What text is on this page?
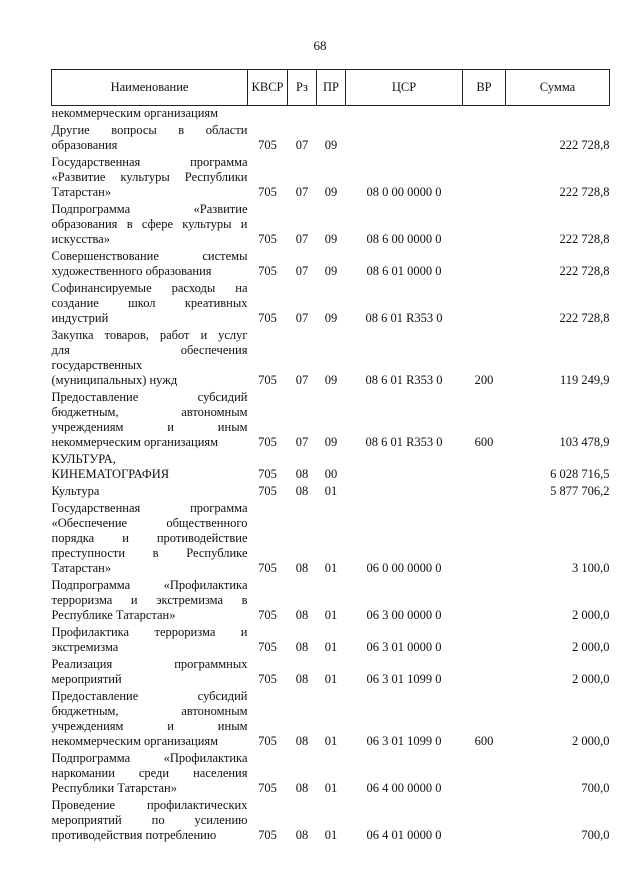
68
Наименование	КВСР	Рз	ПР	ЦСР	ВР	Сумма

некоммерческим организациям						

Другие вопросы в области
образования	705	07	09			222 728,8

Государственная программа
«Развитие культуры Республики
Татарстан»	705	07	09	08 0 00 0000 0		222 728,8

Подпрограмма «Развитие
образования в сфере культуры и
искусства»	705	07	09	08 6 00 0000 0		222 728,8

Совершенствование системы
художественного образования	705	07	09	08 6 01 0000 0		222 728,8

Софинансируемые расходы на
создание школ креативных
индустрий	705	07	09	08 6 01 R353 0		222 728,8

Закупка товаров, работ и услуг
для обеспечения
государственных
(муниципальных) нужд	705	07	09	08 6 01 R353 0	200	119 249,9

Предоставление субсидий
бюджетным, автономным
учреждениям и иным
некоммерческим организациям	705	07	09	08 6 01 R353 0	600	103 478,9

КУЛЬТУРА,
КИНЕМАТОГРАФИЯ	705	08	00			6 028 716,5

Культура	705	08	01			5 877 706,2

Государственная программа
«Обеспечение общественного
порядка и противодействие
преступности в Республике
Татарстан»	705	08	01	06 0 00 0000 0		3 100,0

Подпрограмма «Профилактика
терроризма и экстремизма в
Республике Татарстан»	705	08	01	06 3 00 0000 0		2 000,0

Профилактика терроризма и
экстремизма	705	08	01	06 3 01 0000 0		2 000,0

Реализация программных
мероприятий	705	08	01	06 3 01 1099 0		2 000,0

Предоставление субсидий
бюджетным, автономным
учреждениям и иным
некоммерческим организациям	705	08	01	06 3 01 1099 0	600	2 000,0

Подпрограмма «Профилактика
наркомании среди населения
Республики Татарстан»	705	08	01	06 4 00 0000 0		700,0

Проведение профилактических
мероприятий по усилению
противодействия потреблению	705	08	01	06 4 01 0000 0		700,0
